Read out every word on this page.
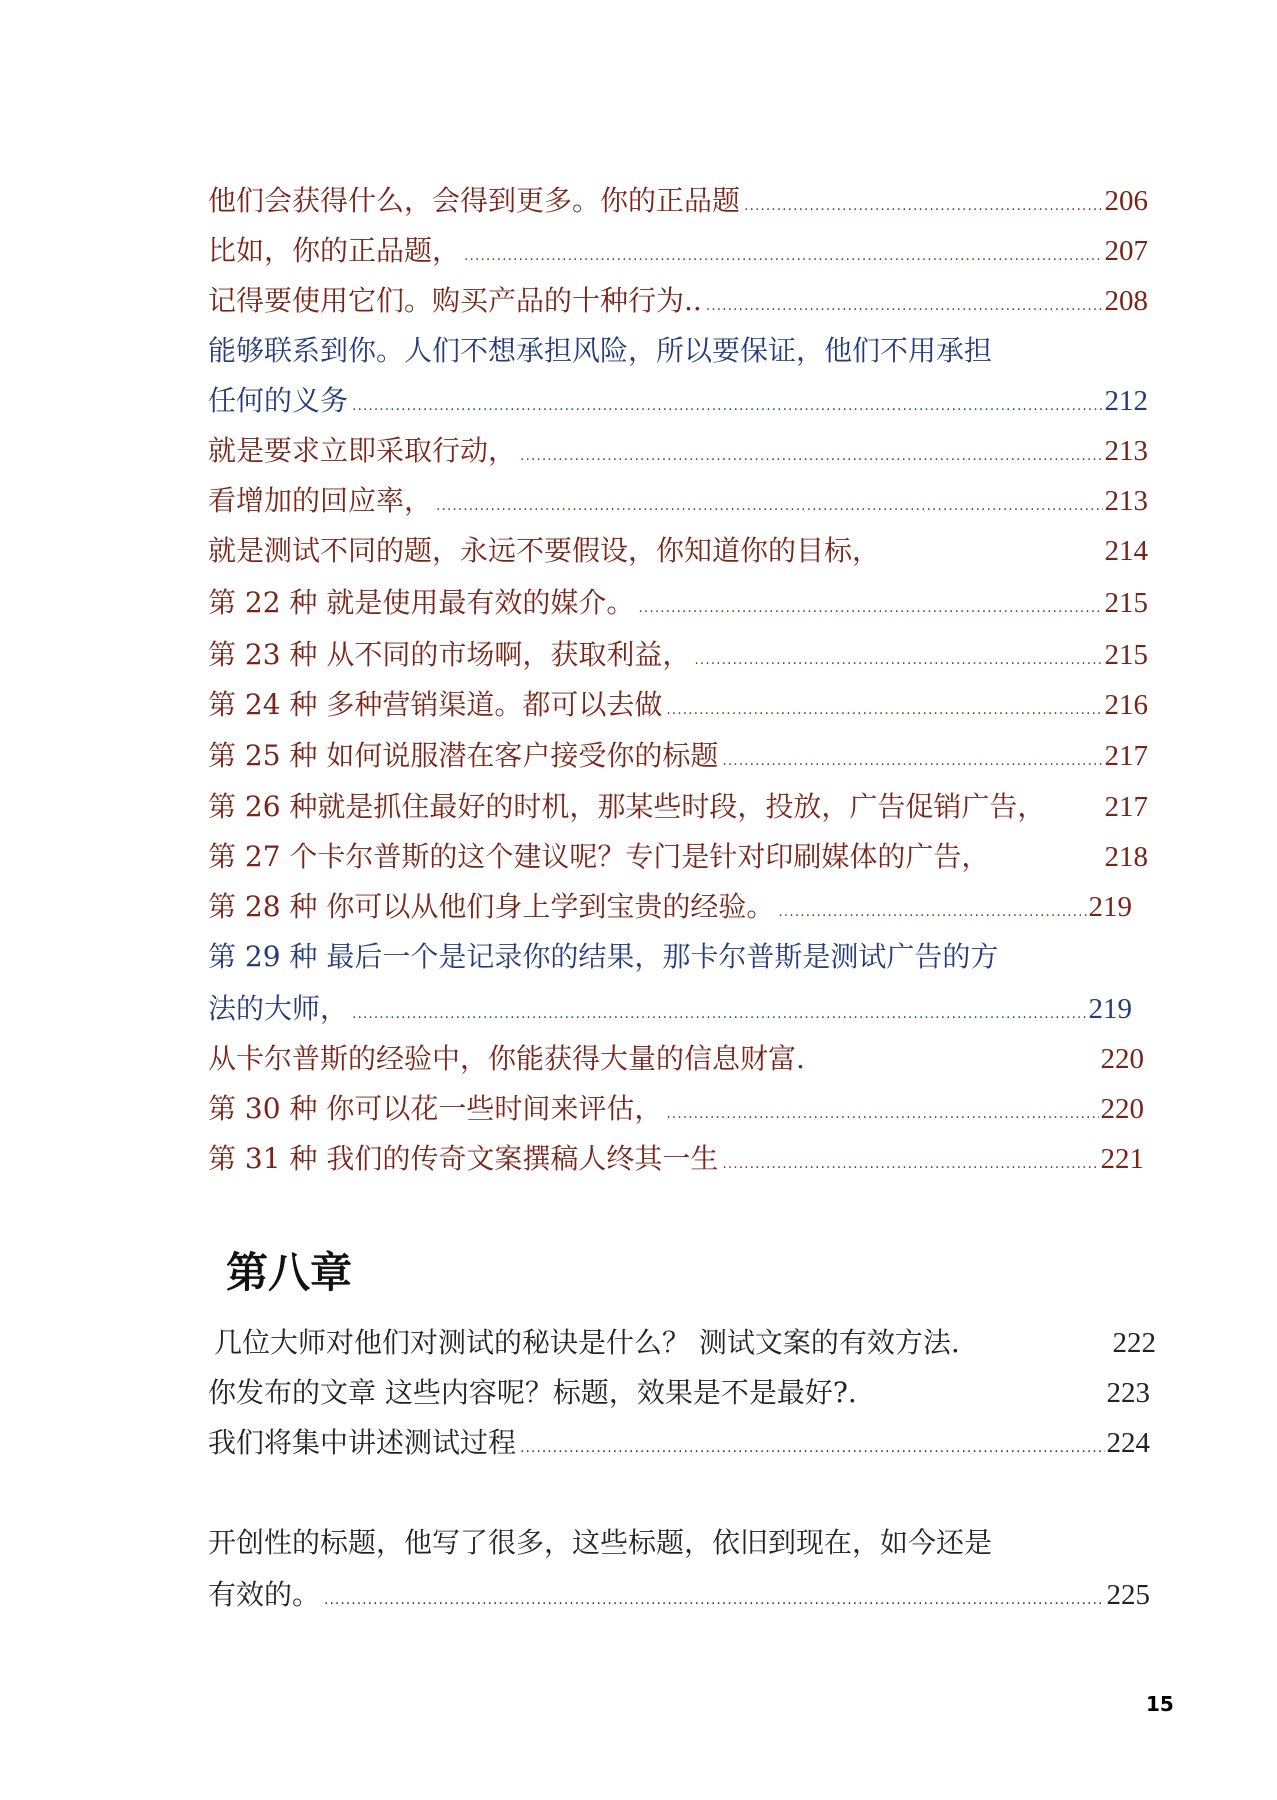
他们会获得什么，会得到更多。你的正品题 .....	206
比如，你的正品题， .....	207
记得要使用它们。购买产品的十种行为.. .....	208
能够联系到你。人们不想承担风险，所以要保证，他们不用承担
任何的义务 .....	212
就是要求立即采取行动， .....	213
看增加的回应率， .....	213
就是测试不同的题，永远不要假设，你知道你的目标，	214
第 22 种 就是使用最有效的媒介。 .....	215
第 23 种 从不同的市场啊，获取利益， .....	215
第 24 种 多种营销渠道。都可以去做 .....	216
第 25 种 如何说服潜在客户接受你的标题 .....	217
第 26 种就是抓住最好的时机，那某些时段，投放，广告促销广告， 217
第 27 个卡尔普斯的这个建议呢？专门是针对印刷媒体的广告，	218
第 28 种 你可以从他们身上学到宝贵的经验。 .....	219
第 29 种 最后一个是记录你的结果，那卡尔普斯是测试广告的方
法的大师， .....	219
从卡尔普斯的经验中，你能获得大量的信息财富.	220
第 30 种 你可以花一些时间来评估， .....	220
第 31 种 我们的传奇文案撰稿人终其一生 .....	221
第八章
几位大师对他们对测试的秘诀是什么？ 测试文案的有效方法.	222
你发布的文章 这些内容呢？标题，效果是不是最好?.	223
我们将集中讲述测试过程 .....	224
开创性的标题，他写了很多，这些标题，依旧到现在，如今还是
有效的。 .....	225
15
